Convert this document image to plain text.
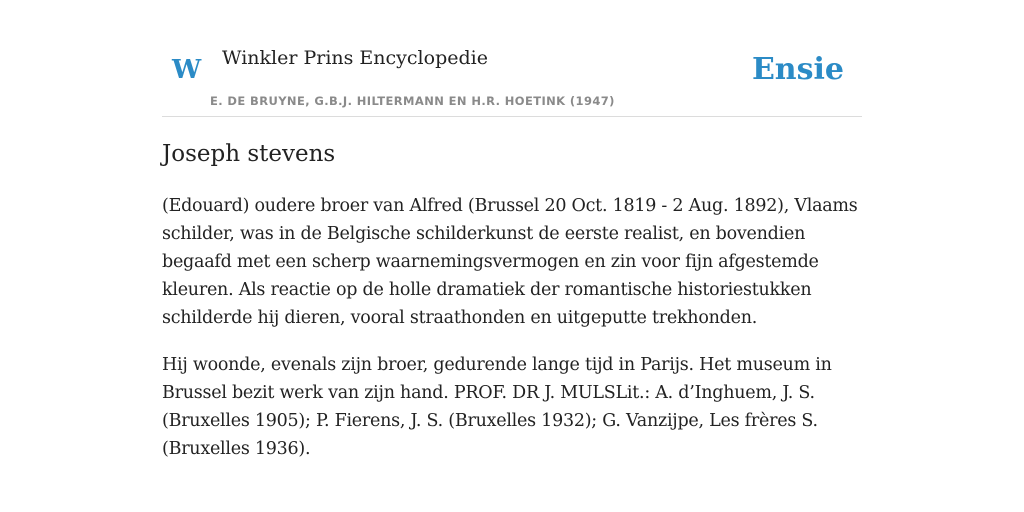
W Winkler Prins Encyclopedie
E. DE BRUYNE, G.B.J. HILTERMANN EN H.R. HOETINK (1947)
Ensie
Joseph stevens

(Edouard) oudere broer van Alfred (Brussel 20 Oct. 1819 - 2 Aug. 1892), Vlaams schilder, was in de Belgische schilderkunst de eerste realist, en bovendien begaafd met een scherp waarnemingsvermogen en zin voor fijn afgestemde kleuren. Als reactie op de holle dramatiek der romantische historiestukken schilderde hij dieren, vooral straathonden en uitgeputte trekhonden.

Hij woonde, evenals zijn broer, gedurende lange tijd in Parijs. Het museum in Brussel bezit werk van zijn hand. PROF. DR J. MULSLit.: A. d’Inghuem, J. S. (Bruxelles 1905); P. Fierens, J. S. (Bruxelles 1932); G. Vanzijpe, Les frères S. (Bruxelles 1936).
